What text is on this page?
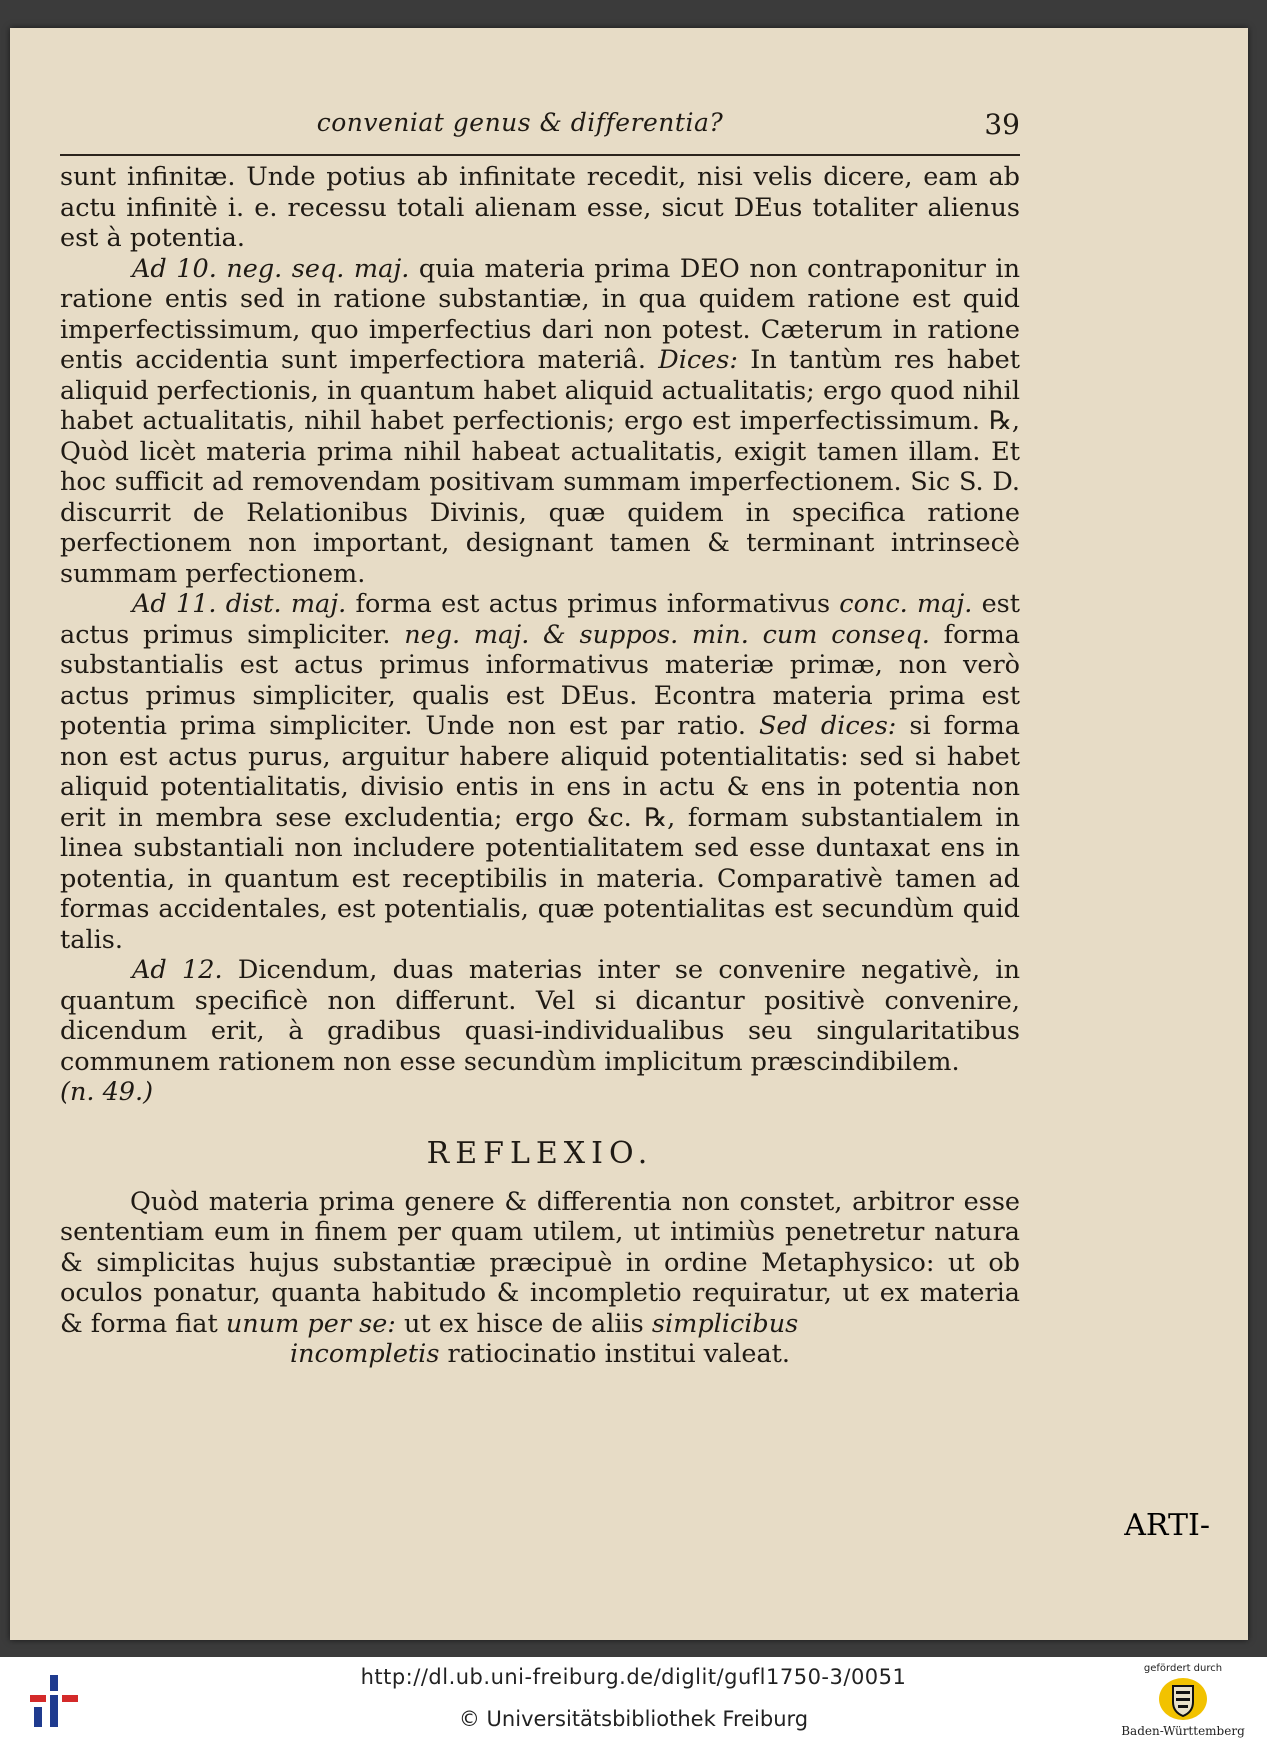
conveniat genus & differentia?	39

sunt infinitæ. Unde potius ab infinitate recedit, nisi velis dicere, eam ab actu infinitè i. e. recessu totali alienam esse, sicut DEus totaliter alienus est à potentia.

Ad 10. neg. seq. maj. quia materia prima DEO non contraponitur in ratione entis sed in ratione substantiæ, in qua quidem ratione est quid imperfectissimum, quo imperfectius dari non potest. Cæterum in ratione entis accidentia sunt imperfectiora materiâ. Dices: In tantùm res habet aliquid perfectionis, in quantum habet aliquid actualitatis; ergo quod nihil habet actualitatis, nihil habet perfectionis; ergo est imperfectissimum. ℞, Quòd licèt materia prima nihil habeat actualitatis, exigit tamen illam. Et hoc sufficit ad removendam positivam summam imperfectionem. Sic S. D. discurrit de Relationibus Divinis, quæ quidem in specifica ratione perfectionem non important, designant tamen & terminant intrinsecè summam perfectionem.

Ad 11. dist. maj. forma est actus primus informativus conc. maj. est actus primus simpliciter. neg. maj. & suppos. min. cum conseq. forma substantialis est actus primus informativus materiæ primæ, non verò actus primus simpliciter, qualis est DEus. Econtra materia prima est potentia prima simpliciter. Unde non est par ratio. Sed dices: si forma non est actus purus, arguitur habere aliquid potentialitatis: sed si habet aliquid potentialitatis, divisio entis in ens in actu & ens in potentia non erit in membra sese excludentia; ergo &c. ℞, formam substantialem in linea substantiali non includere potentialitatem sed esse duntaxat ens in potentia, in quantum est receptibilis in materia. Comparativè tamen ad formas accidentales, est potentialis, quæ potentialitas est secundùm quid talis.

Ad 12. Dicendum, duas materias inter se convenire negativè, in quantum specificè non differunt. Vel si dicantur positivè convenire, dicendum erit, à gradibus quasi-individualibus seu singularitatibus communem rationem non esse secundùm implicitum præscindibilem.
(n. 49.)

REFLEXIO.

Quòd materia prima genere & differentia non constet, arbitror esse sententiam eum in finem per quam utilem, ut intimiùs penetretur natura & simplicitas hujus substantiæ præcipuè in ordine Metaphysico: ut ob oculos ponatur, quanta habitudo & incompletio requiratur, ut ex materia & forma fiat unum per se: ut ex hisce de aliis simplicibus
incompletis ratiocinatio institui valeat.

ARTI-
http://dl.ub.uni-freiburg.de/diglit/gufl1750-3/0051
© Universitätsbibliothek Freiburg
gefördert durch
Baden-Württemberg
